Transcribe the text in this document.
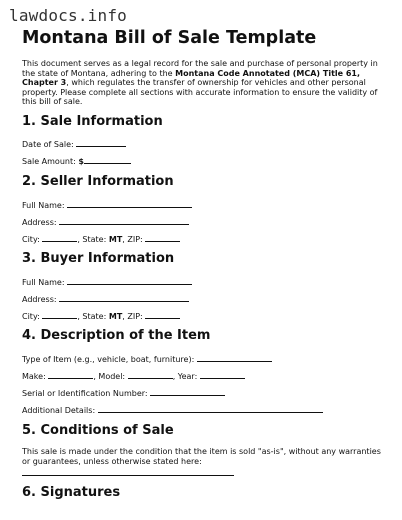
lawdocs.info
Montana Bill of Sale Template
This document serves as a legal record for the sale and purchase of personal property in the state of Montana, adhering to the Montana Code Annotated (MCA) Title 61, Chapter 3, which regulates the transfer of ownership for vehicles and other personal property. Please complete all sections with accurate information to ensure the validity of this bill of sale.
1. Sale Information
Date of Sale:
Sale Amount: $
2. Seller Information
Full Name:
Address:
City:	, State: MT, ZIP:
3. Buyer Information
Full Name:
Address:
City:	, State: MT, ZIP:
4. Description of the Item
Type of Item (e.g., vehicle, boat, furniture):
Make:	, Model:	, Year:
Serial or Identification Number:
Additional Details:
5. Conditions of Sale
This sale is made under the condition that the item is sold "as-is", without any warranties or guarantees, unless otherwise stated here:
6. Signatures
